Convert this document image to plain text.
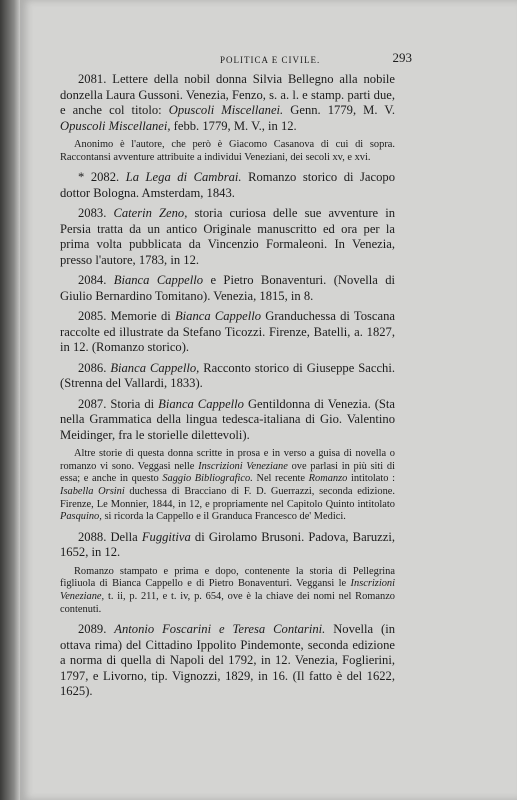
POLITICA E CIVILE.	293

2081. Lettere della nobil donna Silvia Bellegno alla nobile donzella Laura Gussoni. Venezia, Fenzo, s. a. l. e stamp. parti due, e anche col titolo: Opuscoli Miscellanei. Genn. 1779, M. V. Opuscoli Miscellanei, febb. 1779, M. V., in 12.

Anonimo è l'autore, che però è Giacomo Casanova di cui di sopra. Raccontansi avventure attribuite a individui Veneziani, dei secoli xv, e xvi.

* 2082. La Lega di Cambrai. Romanzo storico di Jacopo dottor Bologna. Amsterdam, 1843.

2083. Caterin Zeno, storia curiosa delle sue avventure in Persia tratta da un antico Originale manuscritto ed ora per la prima volta pubblicata da Vincenzio Formaleoni. In Venezia, presso l'autore, 1783, in 12.

2084. Bianca Cappello e Pietro Bonaventuri. (Novella di Giulio Bernardino Tomitano). Venezia, 1815, in 8.

2085. Memorie di Bianca Cappello Granduchessa di Toscana raccolte ed illustrate da Stefano Ticozzi. Firenze, Batelli, a. 1827, in 12. (Romanzo storico).

2086. Bianca Cappello, Racconto storico di Giuseppe Sacchi. (Strenna del Vallardi, 1833).

2087. Storia di Bianca Cappello Gentildonna di Venezia. (Sta nella Grammatica della lingua tedesca-italiana di Gio. Valentino Meidinger, fra le storielle dilettevoli).

Altre storie di questa donna scritte in prosa e in verso a guisa di novella o romanzo vi sono. Veggasi nelle Inscrizioni Veneziane ove parlasi in più siti di essa; e anche in questo Saggio Bibliografico. Nel recente Romanzo intitolato : Isabella Orsini duchessa di Bracciano di F. D. Guerrazzi, seconda edizione. Firenze, Le Monnier, 1844, in 12, e propriamente nel Capitolo Quinto intitolato Pasquino, si ricorda la Cappello e il Granduca Francesco de' Medici.

2088. Della Fuggitiva di Girolamo Brusoni. Padova, Baruzzi, 1652, in 12.

Romanzo stampato e prima e dopo, contenente la storia di Pellegrina figliuola di Bianca Cappello e di Pietro Bonaventuri. Veggansi le Inscrizioni Veneziane, t. ii, p. 211, e t. iv, p. 654, ove è la chiave dei nomi nel Romanzo contenuti.

2089. Antonio Foscarini e Teresa Contarini. Novella (in ottava rima) del Cittadino Ippolito Pindemonte, seconda edizione a norma di quella di Napoli del 1792, in 12. Venezia, Foglierini, 1797, e Livorno, tip. Vignozzi, 1829, in 16. (Il fatto è del 1622, 1625).
